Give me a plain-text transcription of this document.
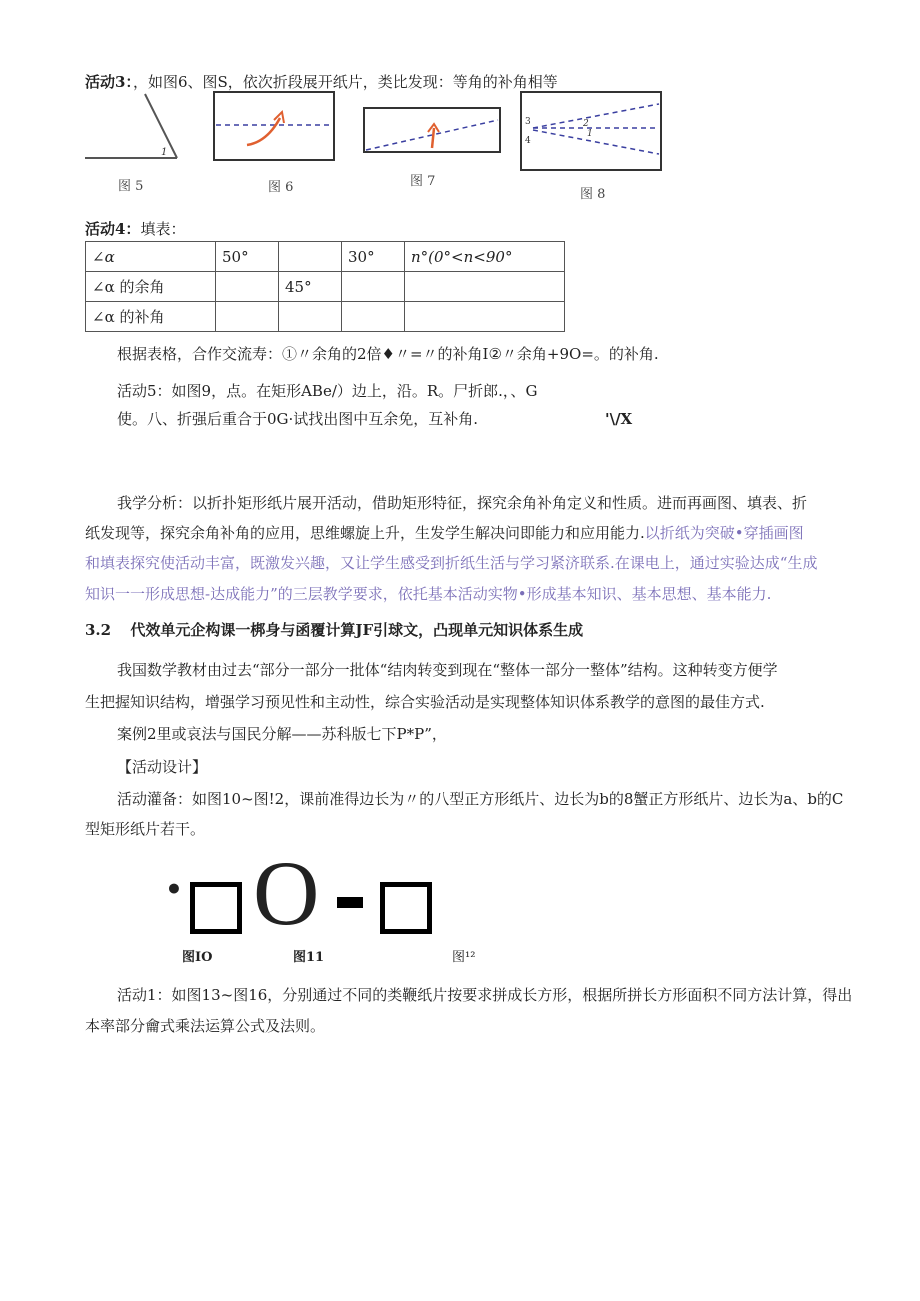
活动3：，如图6、图S，依次折段展开纸片，类比发现：等角的补角相等
1
图 5	图 6	图 7
3
4
2
1
图 8
活动4：填表：
∠α	50°		30°	n°(0°<n<90°
∠α 的余角		45°		
∠α 的补角				
根据表格，合作交流寿：①〃余角的2倍♦〃=〃的补角I②〃余角+9O=。的补角.
活动5：如图9，点。在矩形ABe/）边上，沿。R。尸折郎.，、G
使。八、折强后重合于0G·试找出图中互余免，互补角.	'\/X
我学分析：以折扑矩形纸片展开活动，借助矩形特征，探究余角补角定义和性质。进而再画图、填表、折
纸发现等，探究余角补角的应用，思维螺旋上升，生发学生解决问即能力和应用能力.以折纸为突破•穿插画图
和填表探究使活动丰富，既激发兴趣，又让学生感受到折纸生活与学习紧济联系.在课电上，通过实验达成“生成
知识一一形成思想-达成能力”的三层教学要求，依托基本活动实物•形成基本知识、基本思想、基本能力.
3.2 代效单元企构课一梆身与函覆计算JF引球文，凸现单元知识体系生成
我国数学教材由过去“部分一部分一批体“结肉转变到现在“整体一部分一整体”结构。这种转变方便学
生把握知识结构，增强学习预见性和主动性，综合实验活动是实现整体知识体系教学的意图的最佳方式.
案例2里或哀法与国民分解——苏科版七下P*P”，
【活动设计】
活动灌备：如图10~图!2，课前准得边长为〃的八型正方形纸片、边长为b的8蟹正方形纸片、边长为a、b的C
型矩形纸片若干。
• O
图IO	图11	图¹²
活动1：如图13~图16，分别通过不同的类鞭纸片按要求拼成长方形，根据所拼长方形面积不同方法计算，得出
本率部分龠式乘法运算公式及法则。
